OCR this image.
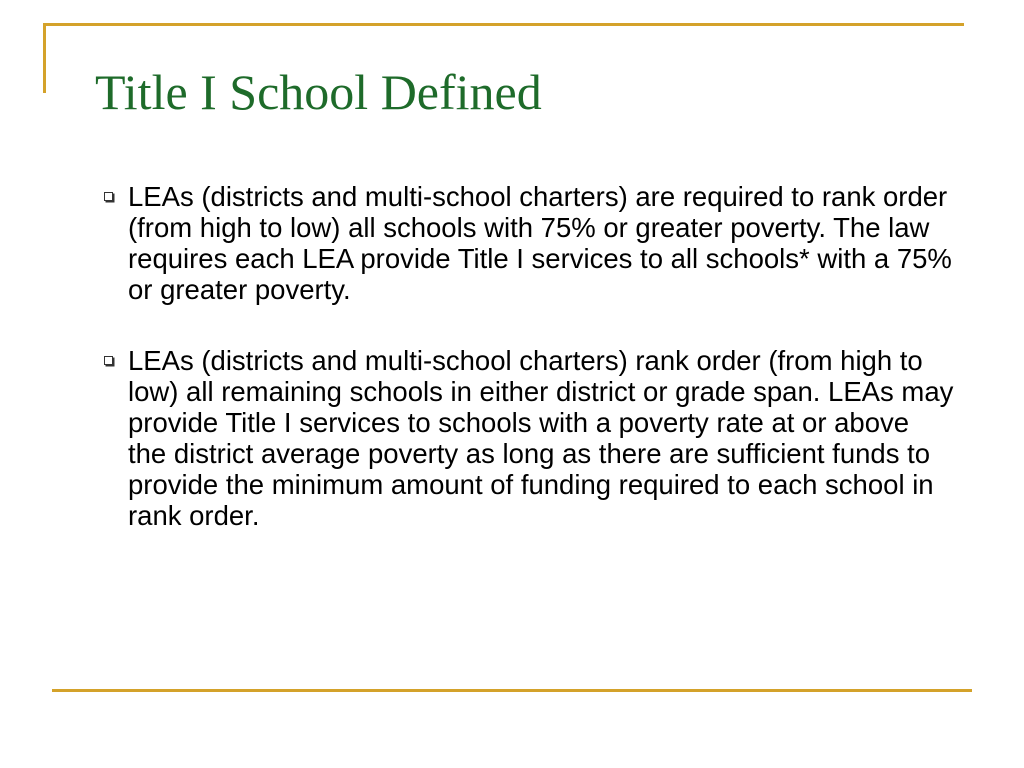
Title I School Defined
LEAs (districts and multi-school charters) are required to rank order (from high to low) all schools with 75% or greater poverty. The law requires each LEA provide Title I services to all schools* with a 75% or greater poverty.
LEAs (districts and multi-school charters) rank order (from high to low) all remaining schools in either district or grade span. LEAs may provide Title I services to schools with a poverty rate at or above the district average poverty as long as there are sufficient funds to provide the minimum amount of funding required to each school in rank order.
